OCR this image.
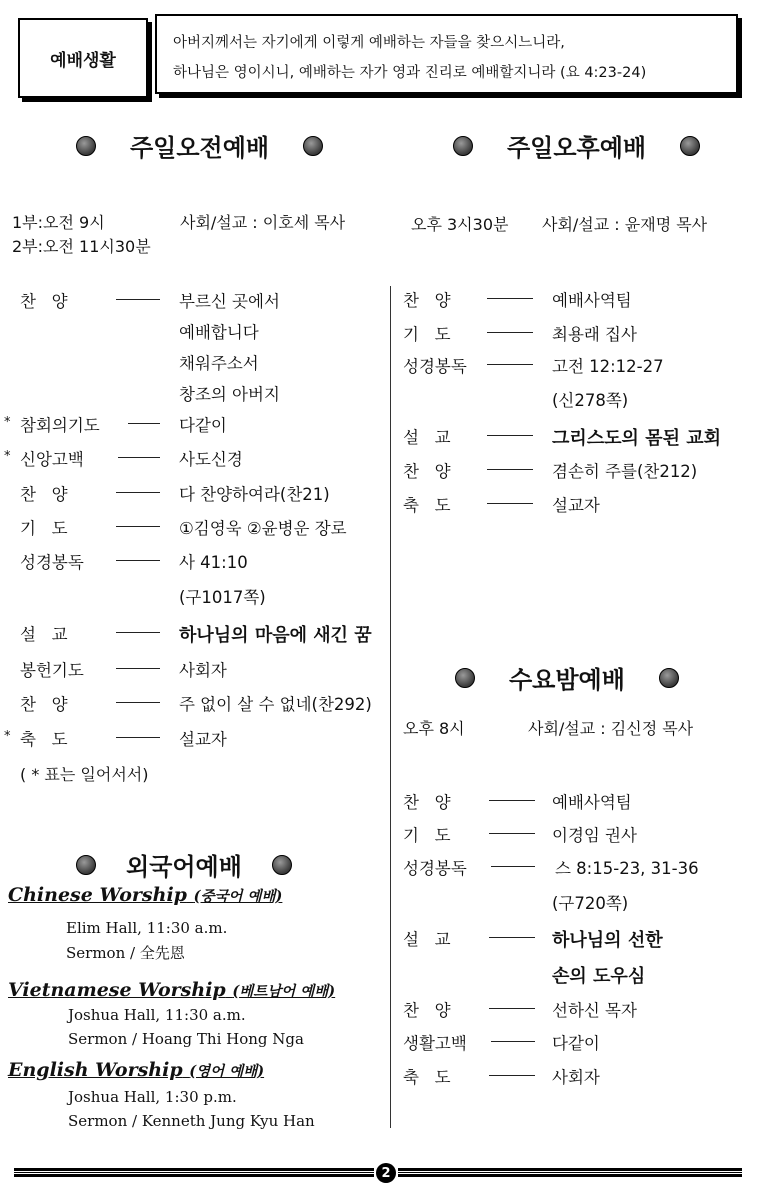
예배생활
아버지께서는 자기에게 이렇게 예배하는 자들을 찾으시느니라,
하나님은 영이시니, 예배하는 자가 영과 진리로 예배할지니라 (요 4:23-24)
주일오전예배	주일오후예배
1부:오전 9시
2부:오전 11시30분
사회/설교 : 이호세 목사	오후 3시30분 사회/설교 : 윤재명 목사
찬   양	부르신 곳에서
예배합니다
채워주소서
창조의 아버지
* 참회의기도	다같이
* 신앙고백	사도신경
찬   양	다 찬양하여라(찬21)
기   도	①김영욱 ②윤병운 장로
성경봉독	사 41:10
(구1017쪽)
설   교	하나님의 마음에 새긴 꿈
봉헌기도	사회자
찬   양	주 없이 살 수 없네(찬292)
* 축   도	설교자
찬   양	예배사역팀
기   도	최용래 집사
성경봉독	고전 12:12-27
(신278쪽)
설   교	그리스도의 몸된 교회
찬   양	겸손히 주를(찬212)
축   도	설교자
( * 표는 일어서서)
수요밤예배
오후 8시	사회/설교 : 김신정 목사
찬   양	예배사역팀
기   도	이경임 권사
성경봉독	스 8:15-23, 31-36
(구720쪽)
설   교	하나님의 선한
손의 도우심
찬   양	선하신 목자
생활고백	다같이
축   도	사회자
외국어예배
Chinese Worship (중국어 예배)
Elim Hall, 11:30 a.m.
Sermon / 全先恩
Vietnamese Worship (베트남어 예배)
Joshua Hall, 11:30 a.m.
Sermon / Hoang Thi Hong Nga
English Worship (영어 예배)
Joshua Hall, 1:30 p.m.
Sermon / Kenneth Jung Kyu Han
2
